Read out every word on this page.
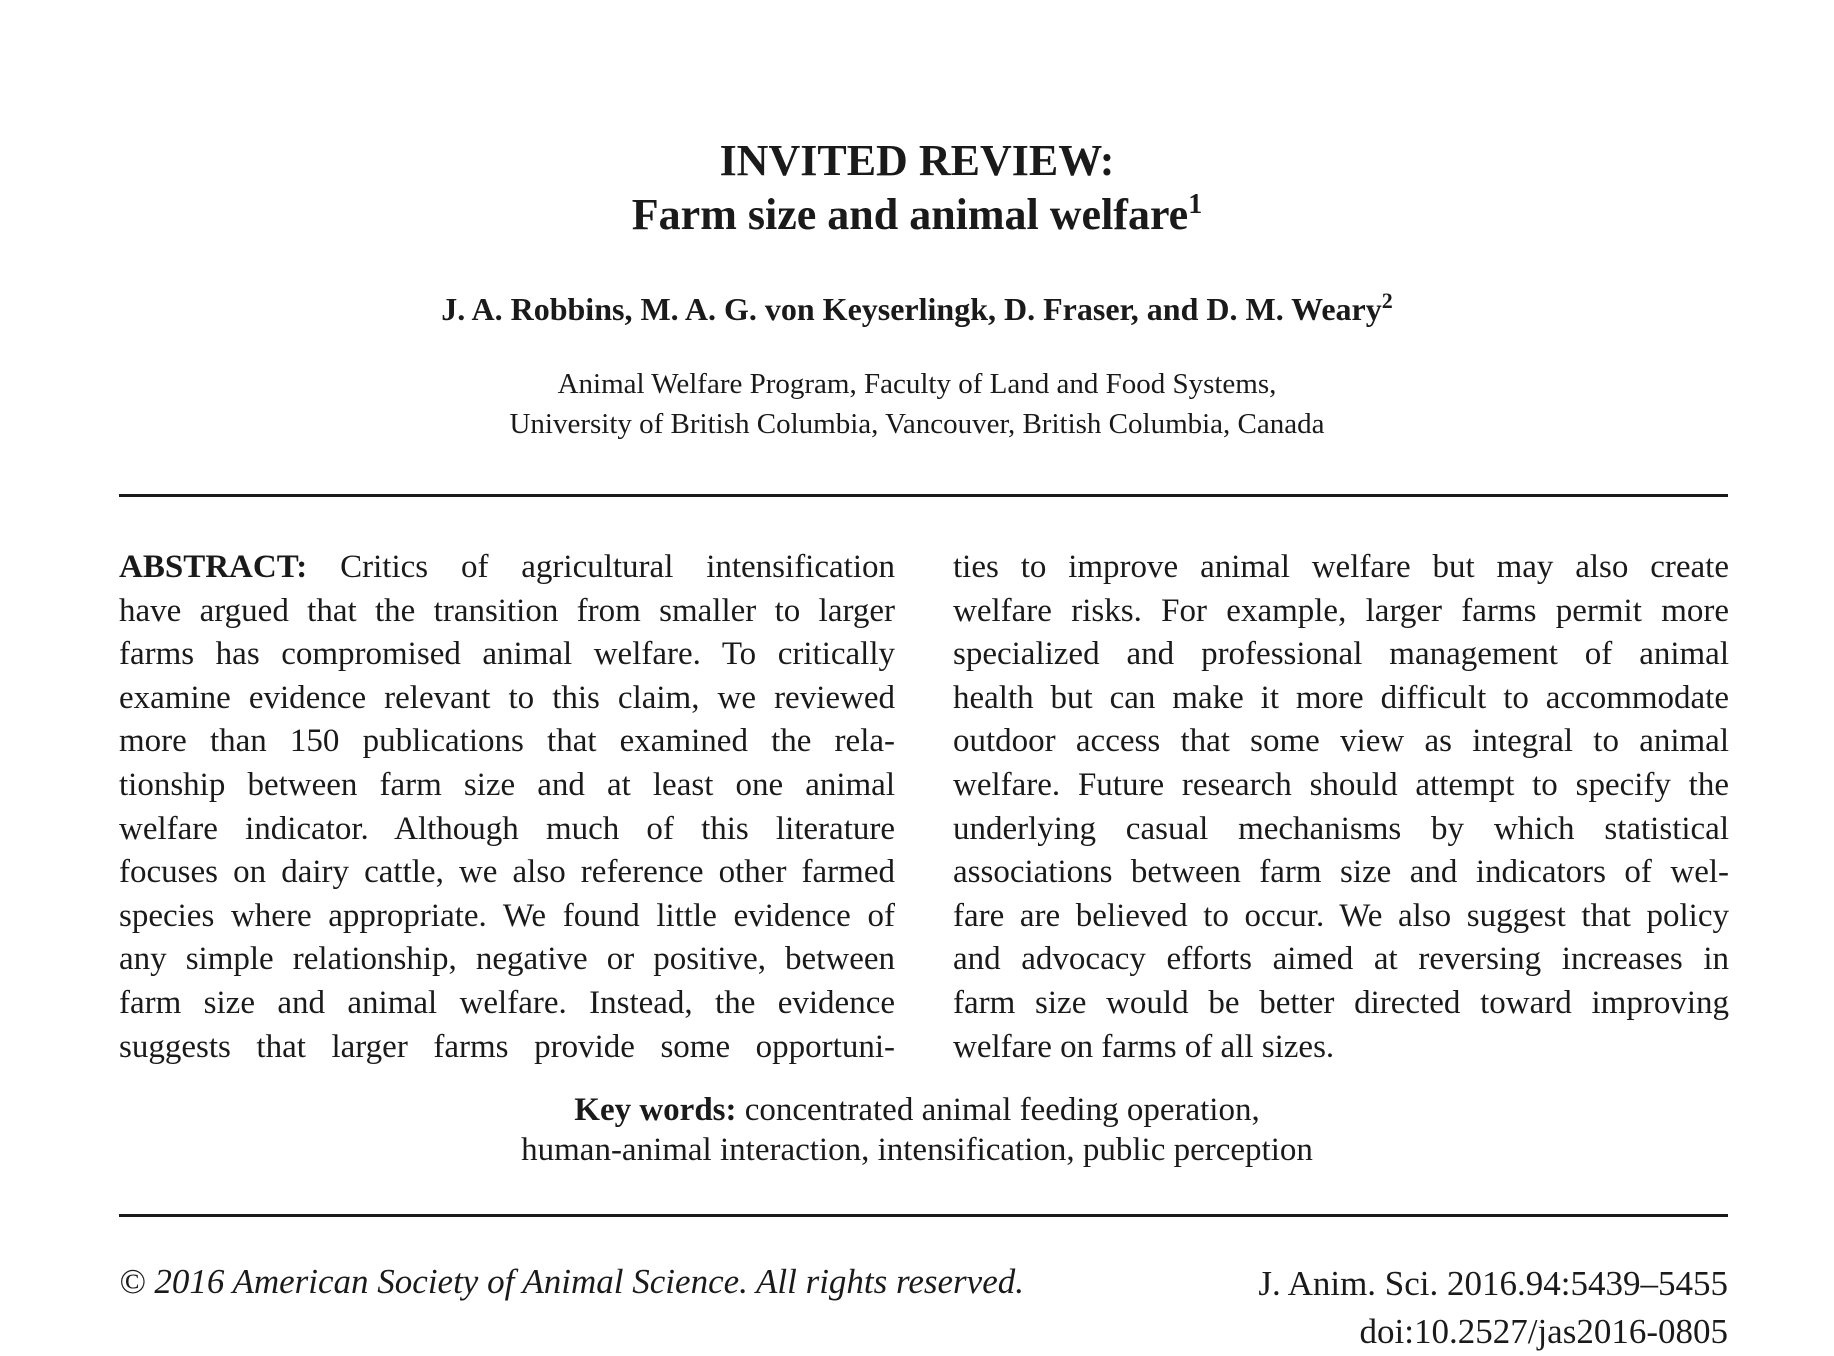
INVITED REVIEW:

Farm size and animal welfare$^1$

J. A. Robbins, M. A. G. von Keyserlingk, D. Fraser, and D. M. Weary$^2$
Animal Welfare Program, Faculty of Land and Food Systems,
University of British Columbia, Vancouver, British Columbia, Canada
ABSTRACT: Critics of agricultural intensification
have argued that the transition from smaller to larger
farms has compromised animal welfare. To critically
examine evidence relevant to this claim, we reviewed
more than 150 publications that examined the rela-
tionship between farm size and at least one animal
welfare indicator. Although much of this literature
focuses on dairy cattle, we also reference other farmed
species where appropriate. We found little evidence of
any simple relationship, negative or positive, between
farm size and animal welfare. Instead, the evidence
suggests that larger farms provide some opportuni-
ties to improve animal welfare but may also create
welfare risks. For example, larger farms permit more
specialized and professional management of animal
health but can make it more difficult to accommodate
outdoor access that some view as integral to animal
welfare. Future research should attempt to specify the
underlying casual mechanisms by which statistical
associations between farm size and indicators of wel-
fare are believed to occur. We also suggest that policy
and advocacy efforts aimed at reversing increases in
farm size would be better directed toward improving
welfare on farms of all sizes.
Key words: concentrated animal feeding operation,
human-animal interaction, intensification, public perception
© 2016 American Society of Animal Science. All rights reserved.	J. Anim. Sci. 2016.94:5439–5455
doi:10.2527/jas2016-0805
